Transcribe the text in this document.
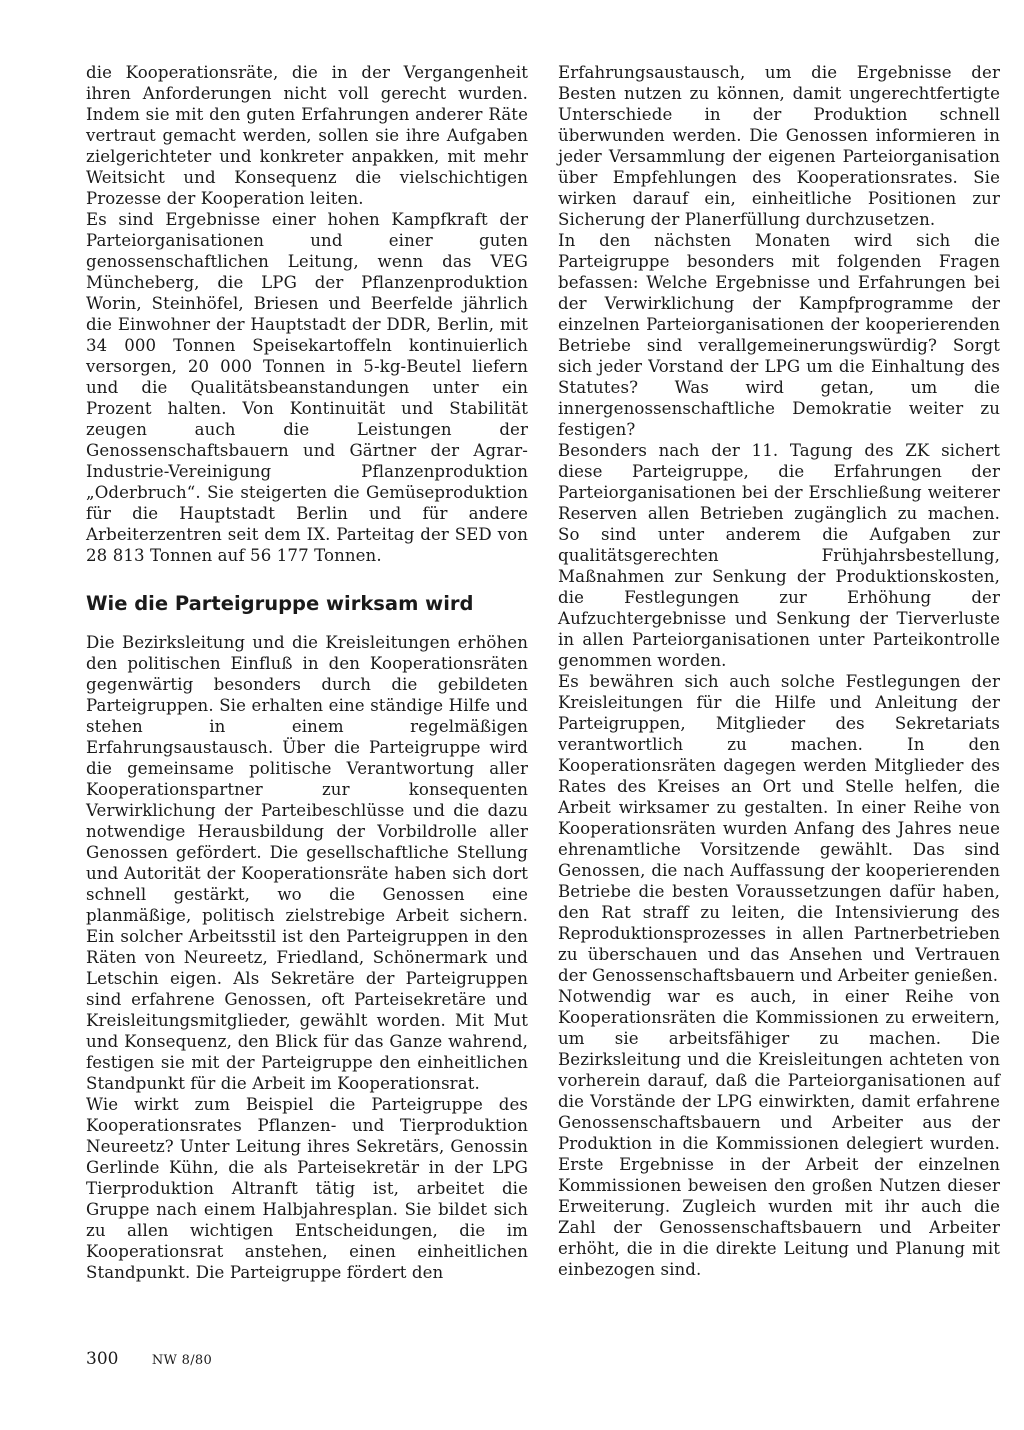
die Kooperationsräte, die in der Vergangenheit ihren Anforderungen nicht voll gerecht wurden. Indem sie mit den guten Erfahrungen anderer Räte vertraut gemacht werden, sollen sie ihre Aufgaben zielgerichteter und konkreter anpakken, mit mehr Weitsicht und Konsequenz die vielschichtigen Prozesse der Kooperation leiten.

Es sind Ergebnisse einer hohen Kampfkraft der Parteiorganisationen und einer guten genossenschaftlichen Leitung, wenn das VEG Müncheberg, die LPG der Pflanzenproduktion Worin, Steinhöfel, Briesen und Beerfelde jährlich die Einwohner der Hauptstadt der DDR, Berlin, mit 34 000 Tonnen Speisekartoffeln kontinuierlich versorgen, 20 000 Tonnen in 5-kg-Beutel liefern und die Qualitätsbeanstandungen unter ein Prozent halten. Von Kontinuität und Stabilität zeugen auch die Leistungen der Genossenschaftsbauern und Gärtner der Agrar-Industrie-Vereinigung Pflanzenproduktion „Oderbruch“. Sie steigerten die Gemüseproduktion für die Hauptstadt Berlin und für andere Arbeiterzentren seit dem IX. Parteitag der SED von 28 813 Tonnen auf 56 177 Tonnen.

Wie die Parteigruppe wirksam wird

Die Bezirksleitung und die Kreisleitungen erhöhen den politischen Einfluß in den Kooperationsräten gegenwärtig besonders durch die gebildeten Parteigruppen. Sie erhalten eine ständige Hilfe und stehen in einem regelmäßigen Erfahrungsaustausch. Über die Parteigruppe wird die gemeinsame politische Verantwortung aller Kooperationspartner zur konsequenten Verwirklichung der Parteibeschlüsse und die dazu notwendige Herausbildung der Vorbildrolle aller Genossen gefördert. Die gesellschaftliche Stellung und Autorität der Kooperationsräte haben sich dort schnell gestärkt, wo die Genossen eine planmäßige, politisch zielstrebige Arbeit sichern. Ein solcher Arbeitsstil ist den Parteigruppen in den Räten von Neureetz, Friedland, Schönermark und Letschin eigen. Als Sekretäre der Parteigruppen sind erfahrene Genossen, oft Parteisekretäre und Kreisleitungsmitglieder, gewählt worden. Mit Mut und Konsequenz, den Blick für das Ganze wahrend, festigen sie mit der Parteigruppe den einheitlichen Standpunkt für die Arbeit im Kooperationsrat.

Wie wirkt zum Beispiel die Parteigruppe des Kooperationsrates Pflanzen- und Tierproduktion Neureetz? Unter Leitung ihres Sekretärs, Genossin Gerlinde Kühn, die als Parteisekretär in der LPG Tierproduktion Altranft tätig ist, arbeitet die Gruppe nach einem Halbjahresplan. Sie bildet sich zu allen wichtigen Entscheidungen, die im Kooperationsrat anstehen, einen einheitlichen Standpunkt. Die Parteigruppe fördert den

Erfahrungsaustausch, um die Ergebnisse der Besten nutzen zu können, damit ungerechtfertigte Unterschiede in der Produktion schnell überwunden werden. Die Genossen informieren in jeder Versammlung der eigenen Parteiorganisation über Empfehlungen des Kooperationsrates. Sie wirken darauf ein, einheitliche Positionen zur Sicherung der Planerfüllung durchzusetzen.

In den nächsten Monaten wird sich die Parteigruppe besonders mit folgenden Fragen befassen: Welche Ergebnisse und Erfahrungen bei der Verwirklichung der Kampfprogramme der einzelnen Parteiorganisationen der kooperierenden Betriebe sind verallgemeinerungswürdig? Sorgt sich jeder Vorstand der LPG um die Einhaltung des Statutes? Was wird getan, um die innergenossenschaftliche Demokratie weiter zu festigen?

Besonders nach der 11. Tagung des ZK sichert diese Parteigruppe, die Erfahrungen der Parteiorganisationen bei der Erschließung weiterer Reserven allen Betrieben zugänglich zu machen. So sind unter anderem die Aufgaben zur qualitätsgerechten Frühjahrsbestellung, Maßnahmen zur Senkung der Produktionskosten, die Festlegungen zur Erhöhung der Aufzuchtergebnisse und Senkung der Tierverluste in allen Parteiorganisationen unter Parteikontrolle genommen worden.

Es bewähren sich auch solche Festlegungen der Kreisleitungen für die Hilfe und Anleitung der Parteigruppen, Mitglieder des Sekretariats verantwortlich zu machen. In den Kooperationsräten dagegen werden Mitglieder des Rates des Kreises an Ort und Stelle helfen, die Arbeit wirksamer zu gestalten. In einer Reihe von Kooperationsräten wurden Anfang des Jahres neue ehrenamtliche Vorsitzende gewählt. Das sind Genossen, die nach Auffassung der kooperierenden Betriebe die besten Voraussetzungen dafür haben, den Rat straff zu leiten, die Intensivierung des Reproduktionsprozesses in allen Partnerbetrieben zu überschauen und das Ansehen und Vertrauen der Genossenschaftsbauern und Arbeiter genießen.

Notwendig war es auch, in einer Reihe von Kooperationsräten die Kommissionen zu erweitern, um sie arbeitsfähiger zu machen. Die Bezirksleitung und die Kreisleitungen achteten von vorherein darauf, daß die Parteiorganisationen auf die Vorstände der LPG einwirkten, damit erfahrene Genossenschaftsbauern und Arbeiter aus der Produktion in die Kommissionen delegiert wurden. Erste Ergebnisse in der Arbeit der einzelnen Kommissionen beweisen den großen Nutzen dieser Erweiterung. Zugleich wurden mit ihr auch die Zahl der Genossenschaftsbauern und Arbeiter erhöht, die in die direkte Leitung und Planung mit einbezogen sind.

300	NW 8/80
